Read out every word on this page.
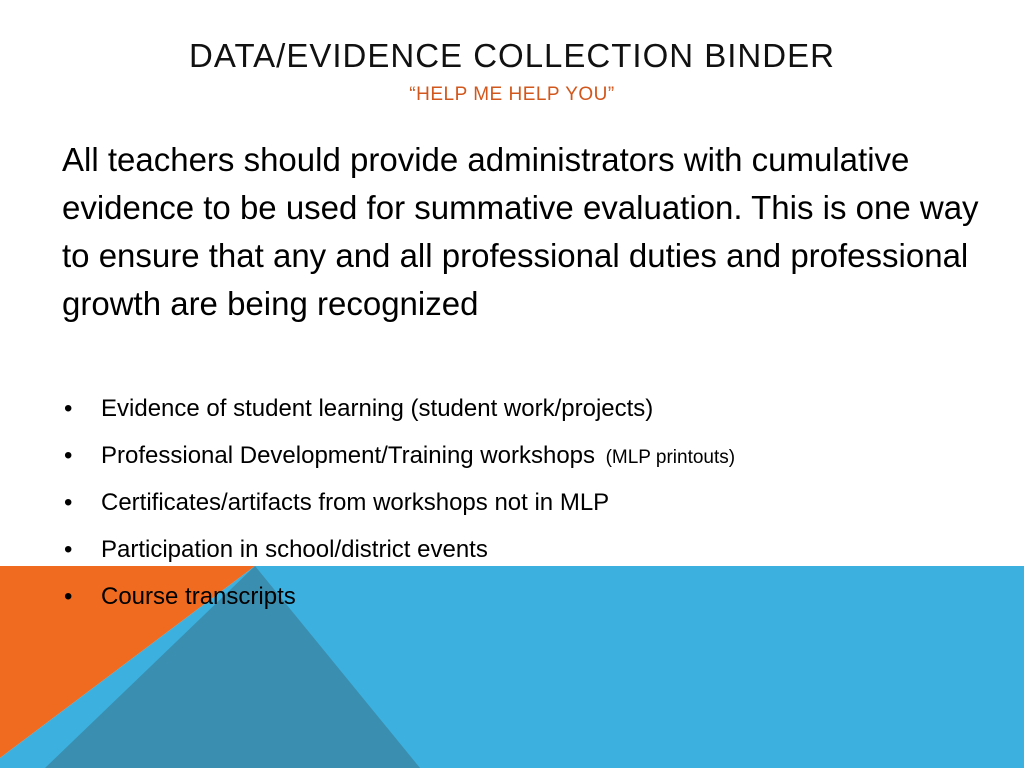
DATA/EVIDENCE COLLECTION BINDER
“HELP ME HELP YOU”
All teachers should provide administrators with cumulative evidence to be used for summative evaluation. This is one way to ensure that any and all professional duties and professional growth are being recognized
• Evidence of student learning (student work/projects)
• Professional Development/Training workshops (MLP printouts)
• Certificates/artifacts from workshops not in MLP
• Participation in school/district events
• Course transcripts
